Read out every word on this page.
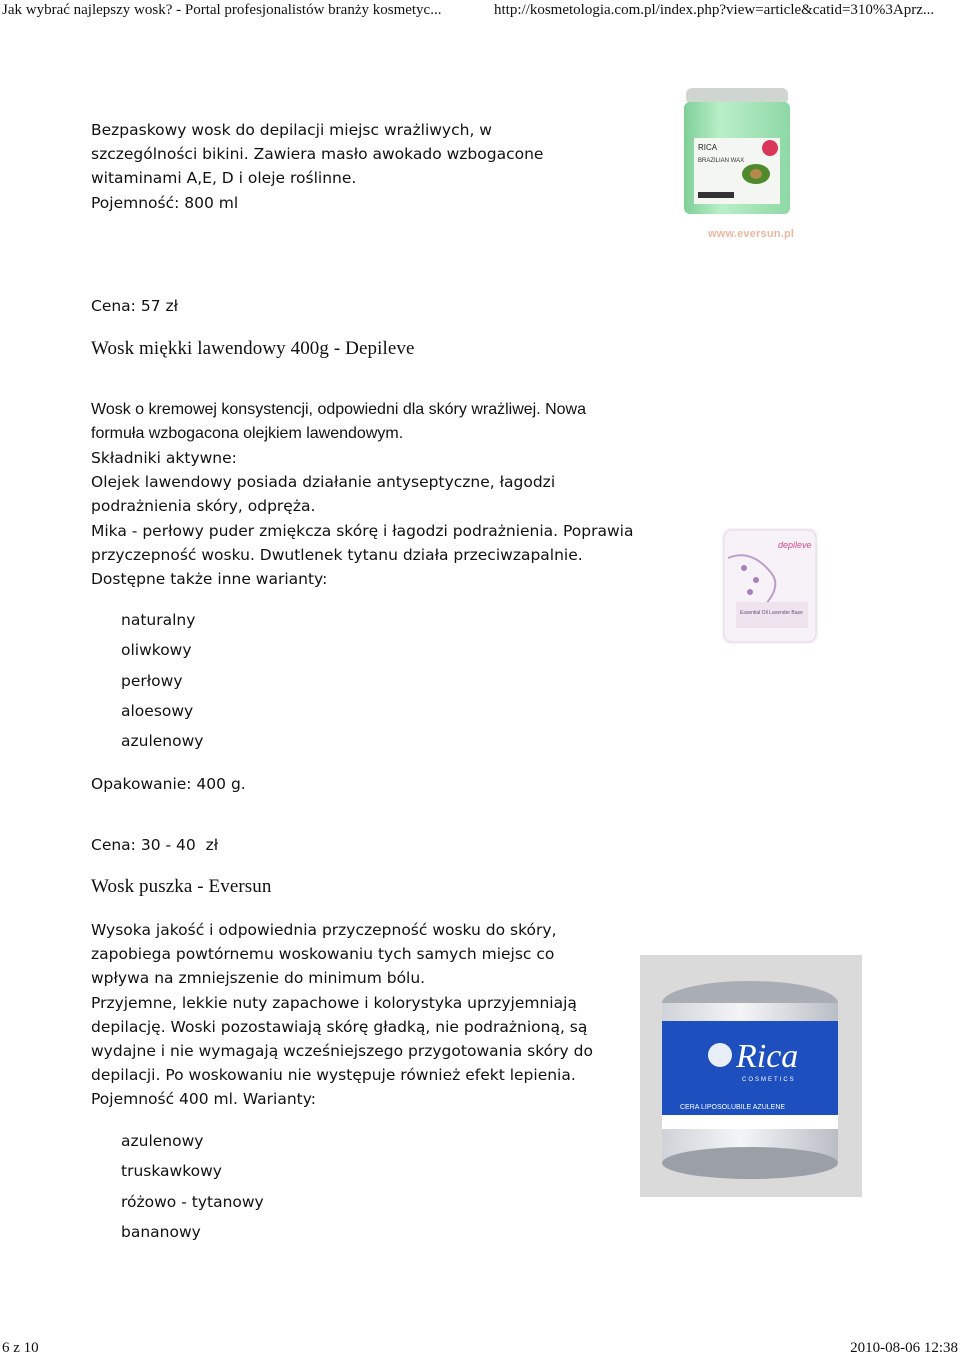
Jak wybrać najlepszy wosk? - Portal profesjonalistów branży kosmetyc...	http://kosmetologia.com.pl/index.php?view=article&catid=310%3Aprz...

Bezpaskowy wosk do depilacji miejsc wrażliwych, w

szczególności bikini. Zawiera masło awokado wzbogacone

witaminami A,E, D i oleje roślinne.

Pojemność: 800 ml

RICA
BRAZILIAN WAX
www.eversun.pl

Cena: 57 zł

Wosk miękki lawendowy 400g - Depileve

Wosk o kremowej konsystencji, odpowiedni dla skóry wrażliwej. Nowa

formuła wzbogacona olejkiem lawendowym.

Składniki aktywne:

Olejek lawendowy posiada działanie antyseptyczne, łagodzi

podrażnienia skóry, odpręża.

Mika - perłowy puder zmiękcza skórę i łagodzi podrażnienia. Poprawia

przyczepność wosku. Dwutlenek tytanu działa przeciwzapalnie.

Dostępne także inne warianty:

depileve
Essential Oil Lavender Base
naturalny
oliwkowy
perłowy
aloesowy
azulenowy

Opakowanie: 400 g.

Cena: 30 - 40  zł

Wosk puszka - Eversun

Wysoka jakość i odpowiednia przyczepność wosku do skóry,

zapobiega powtórnemu woskowaniu tych samych miejsc co

wpływa na zmniejszenie do minimum bólu.

Przyjemne, lekkie nuty zapachowe i kolorystyka uprzyjemniają

depilację. Woski pozostawiają skórę gładką, nie podrażnioną, są

wydajne i nie wymagają wcześniejszego przygotowania skóry do

depilacji. Po woskowaniu nie występuje również efekt lepienia.

Pojemność 400 ml. Warianty:

Rica
COSMETICS
CERA LIPOSOLUBILE AZULENE
azulenowy
truskawkowy
różowo - tytanowy
bananowy
6 z 10	2010-08-06 12:38
